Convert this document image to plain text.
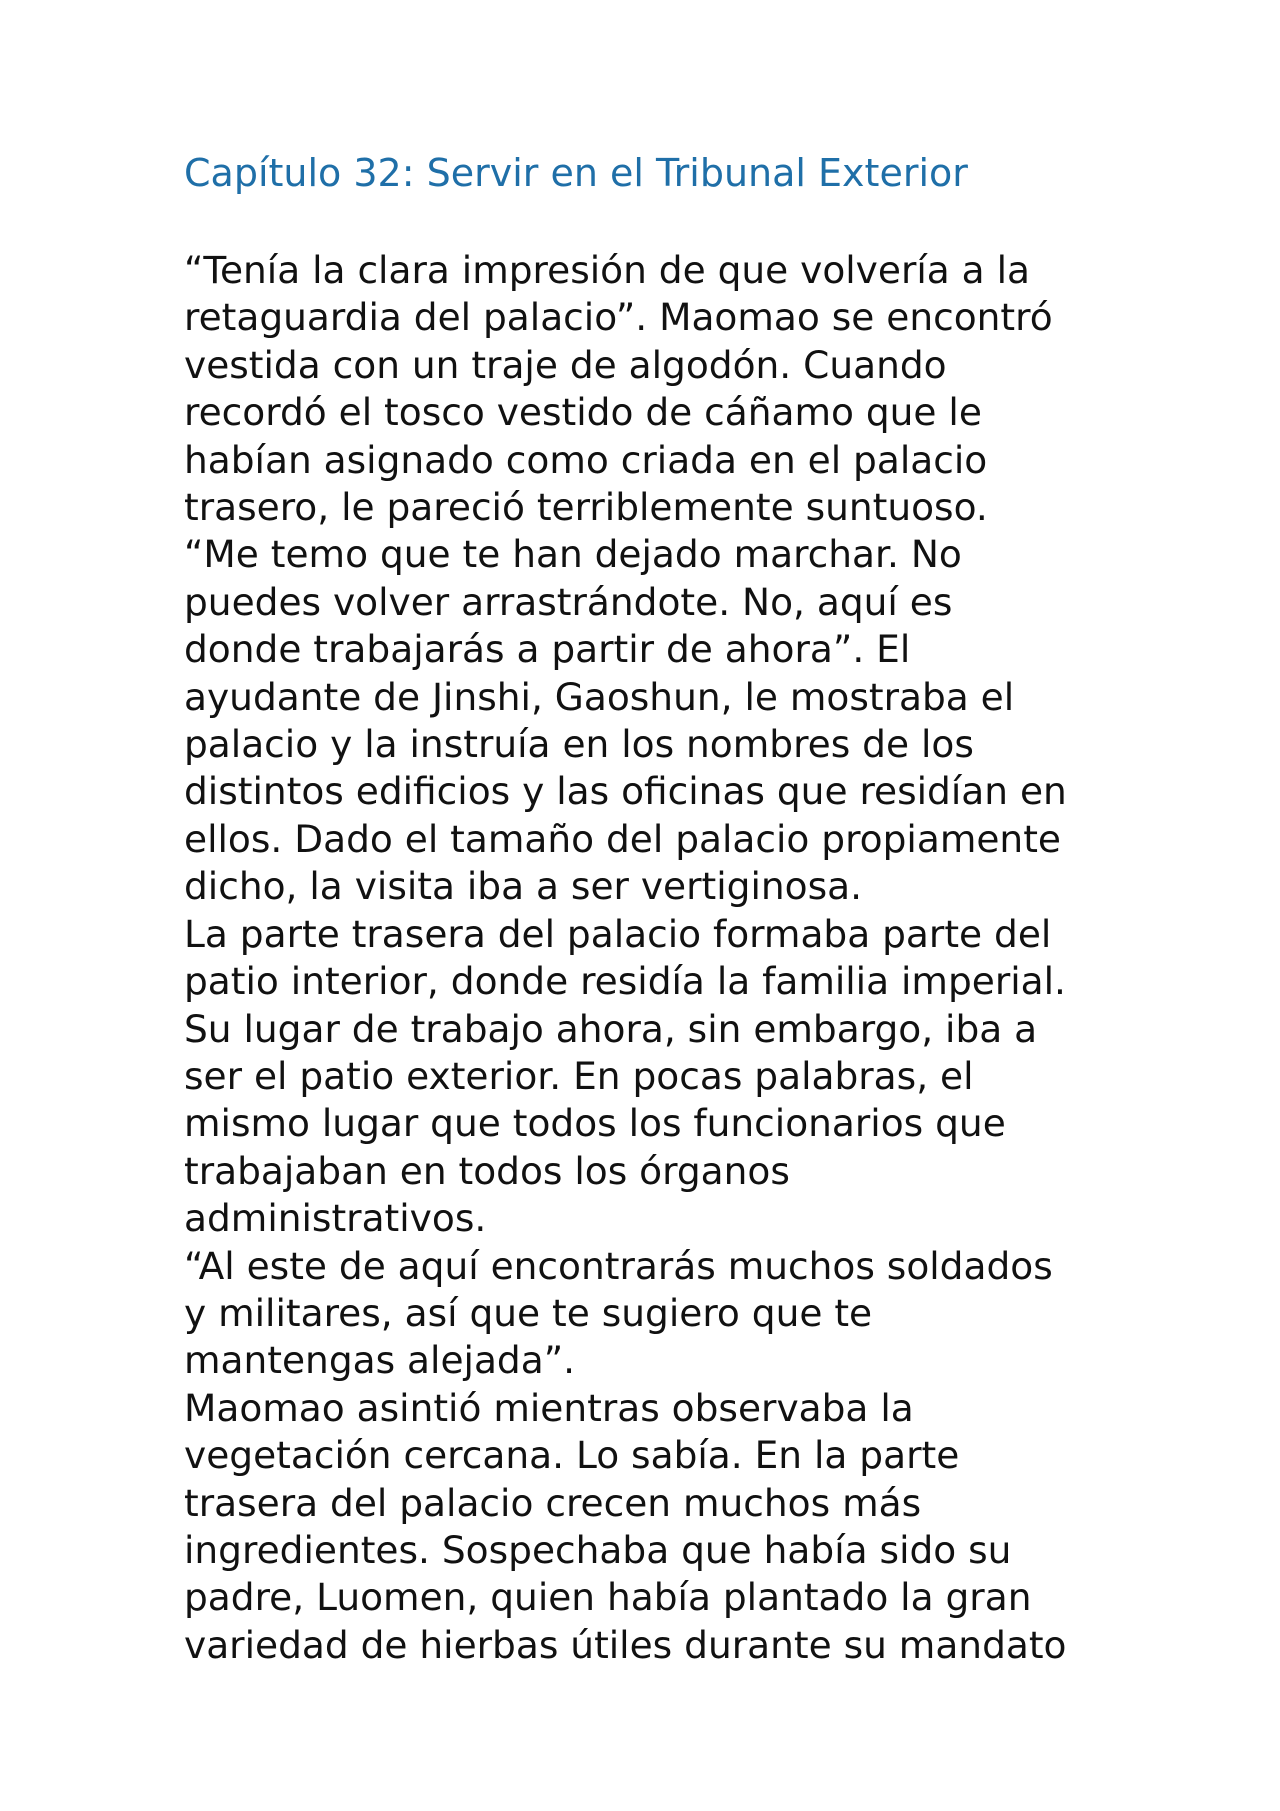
Capítulo 32: Servir en el Tribunal Exterior
“Tenía la clara impresión de que volvería a la
retaguardia del palacio”. Maomao se encontró
vestida con un traje de algodón. Cuando
recordó el tosco vestido de cáñamo que le
habían asignado como criada en el palacio
trasero, le pareció terriblemente suntuoso.
“Me temo que te han dejado marchar. No
puedes volver arrastrándote. No, aquí es
donde trabajarás a partir de ahora”. El
ayudante de Jinshi, Gaoshun, le mostraba el
palacio y la instruía en los nombres de los
distintos edificios y las oficinas que residían en
ellos. Dado el tamaño del palacio propiamente
dicho, la visita iba a ser vertiginosa.
La parte trasera del palacio formaba parte del
patio interior, donde residía la familia imperial.
Su lugar de trabajo ahora, sin embargo, iba a
ser el patio exterior. En pocas palabras, el
mismo lugar que todos los funcionarios que
trabajaban en todos los órganos
administrativos.
“Al este de aquí encontrarás muchos soldados
y militares, así que te sugiero que te
mantengas alejada”.
Maomao asintió mientras observaba la
vegetación cercana. Lo sabía. En la parte
trasera del palacio crecen muchos más
ingredientes. Sospechaba que había sido su
padre, Luomen, quien había plantado la gran
variedad de hierbas útiles durante su mandato
